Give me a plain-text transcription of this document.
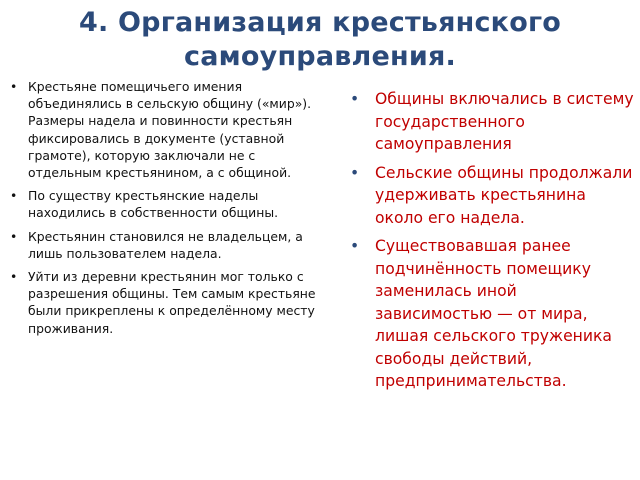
4. Организация крестьянского самоуправления.
• Крестьяне помещичьего имения объединялись в сельскую общину («мир»). Размеры надела и повинности крестьян фиксировались в документе (уставной грамоте), которую заключали не с отдельным крестьянином, а с общиной.
• По существу крестьянские наделы находились в собственности общины.
• Крестьянин становился не владельцем, а лишь пользователем надела.
• Уйти из деревни крестьянин мог только с разрешения общины. Тем самым крестьяне были прикреплены к определённому месту проживания.
• Общины включались в систему государственного самоуправления
• Сельские общины продолжали удерживать крестьянина около его надела.
• Существовавшая ранее подчинённость помещику заменилась иной зависимостью — от мира, лишая сельского труженика свободы действий, предпринимательства.
